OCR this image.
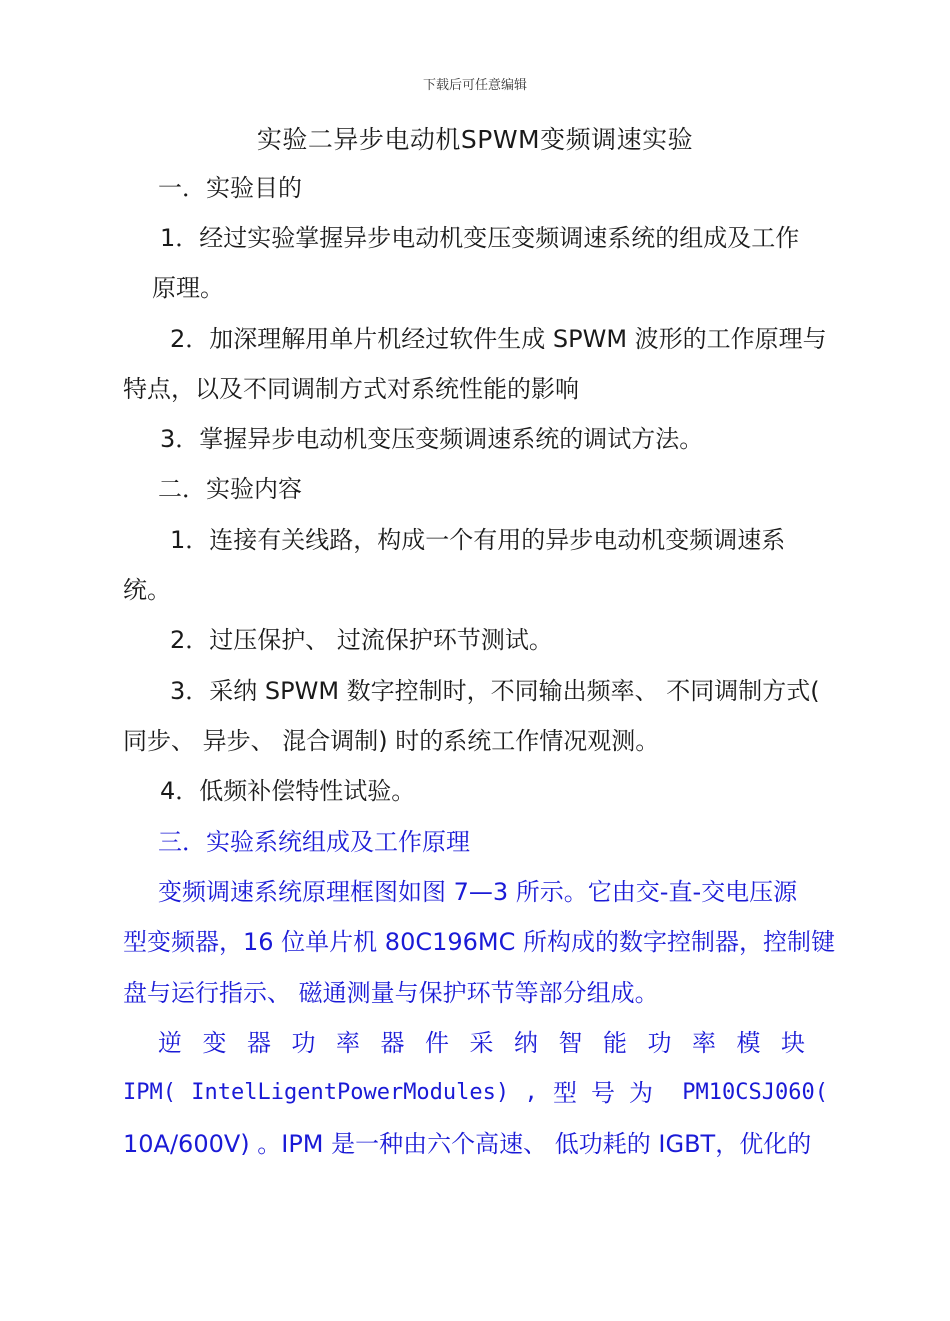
下载后可任意编辑
实验二异步电动机SPWM变频调速实验
一．实验目的
1．经过实验掌握异步电动机变压变频调速系统的组成及工作
原理。
2．加深理解用单片机经过软件生成 SPWM 波形的工作原理与
特点，以及不同调制方式对系统性能的影响
3．掌握异步电动机变压变频调速系统的调试方法。
二．实验内容
1．连接有关线路，构成一个有用的异步电动机变频调速系
统。
2．过压保护、 过流保护环节测试。
3．采纳 SPWM 数字控制时，不同输出频率、 不同调制方式(
同步、 异步、 混合调制) 时的系统工作情况观测。
4．低频补偿特性试验。
三．实验系统组成及工作原理
变频调速系统原理框图如图 7—3 所示。它由交-直-交电压源
型变频器，16 位单片机 80C196MC 所构成的数字控制器，控制键
盘与运行指示、 磁通测量与保护环节等部分组成。
逆变器功率器件采纳智能功率模块
IPM( IntelLigentPowerModules) , 型号为 PM10CSJ060(
10A/600V) 。IPM 是一种由六个高速、 低功耗的 IGBT，优化的
